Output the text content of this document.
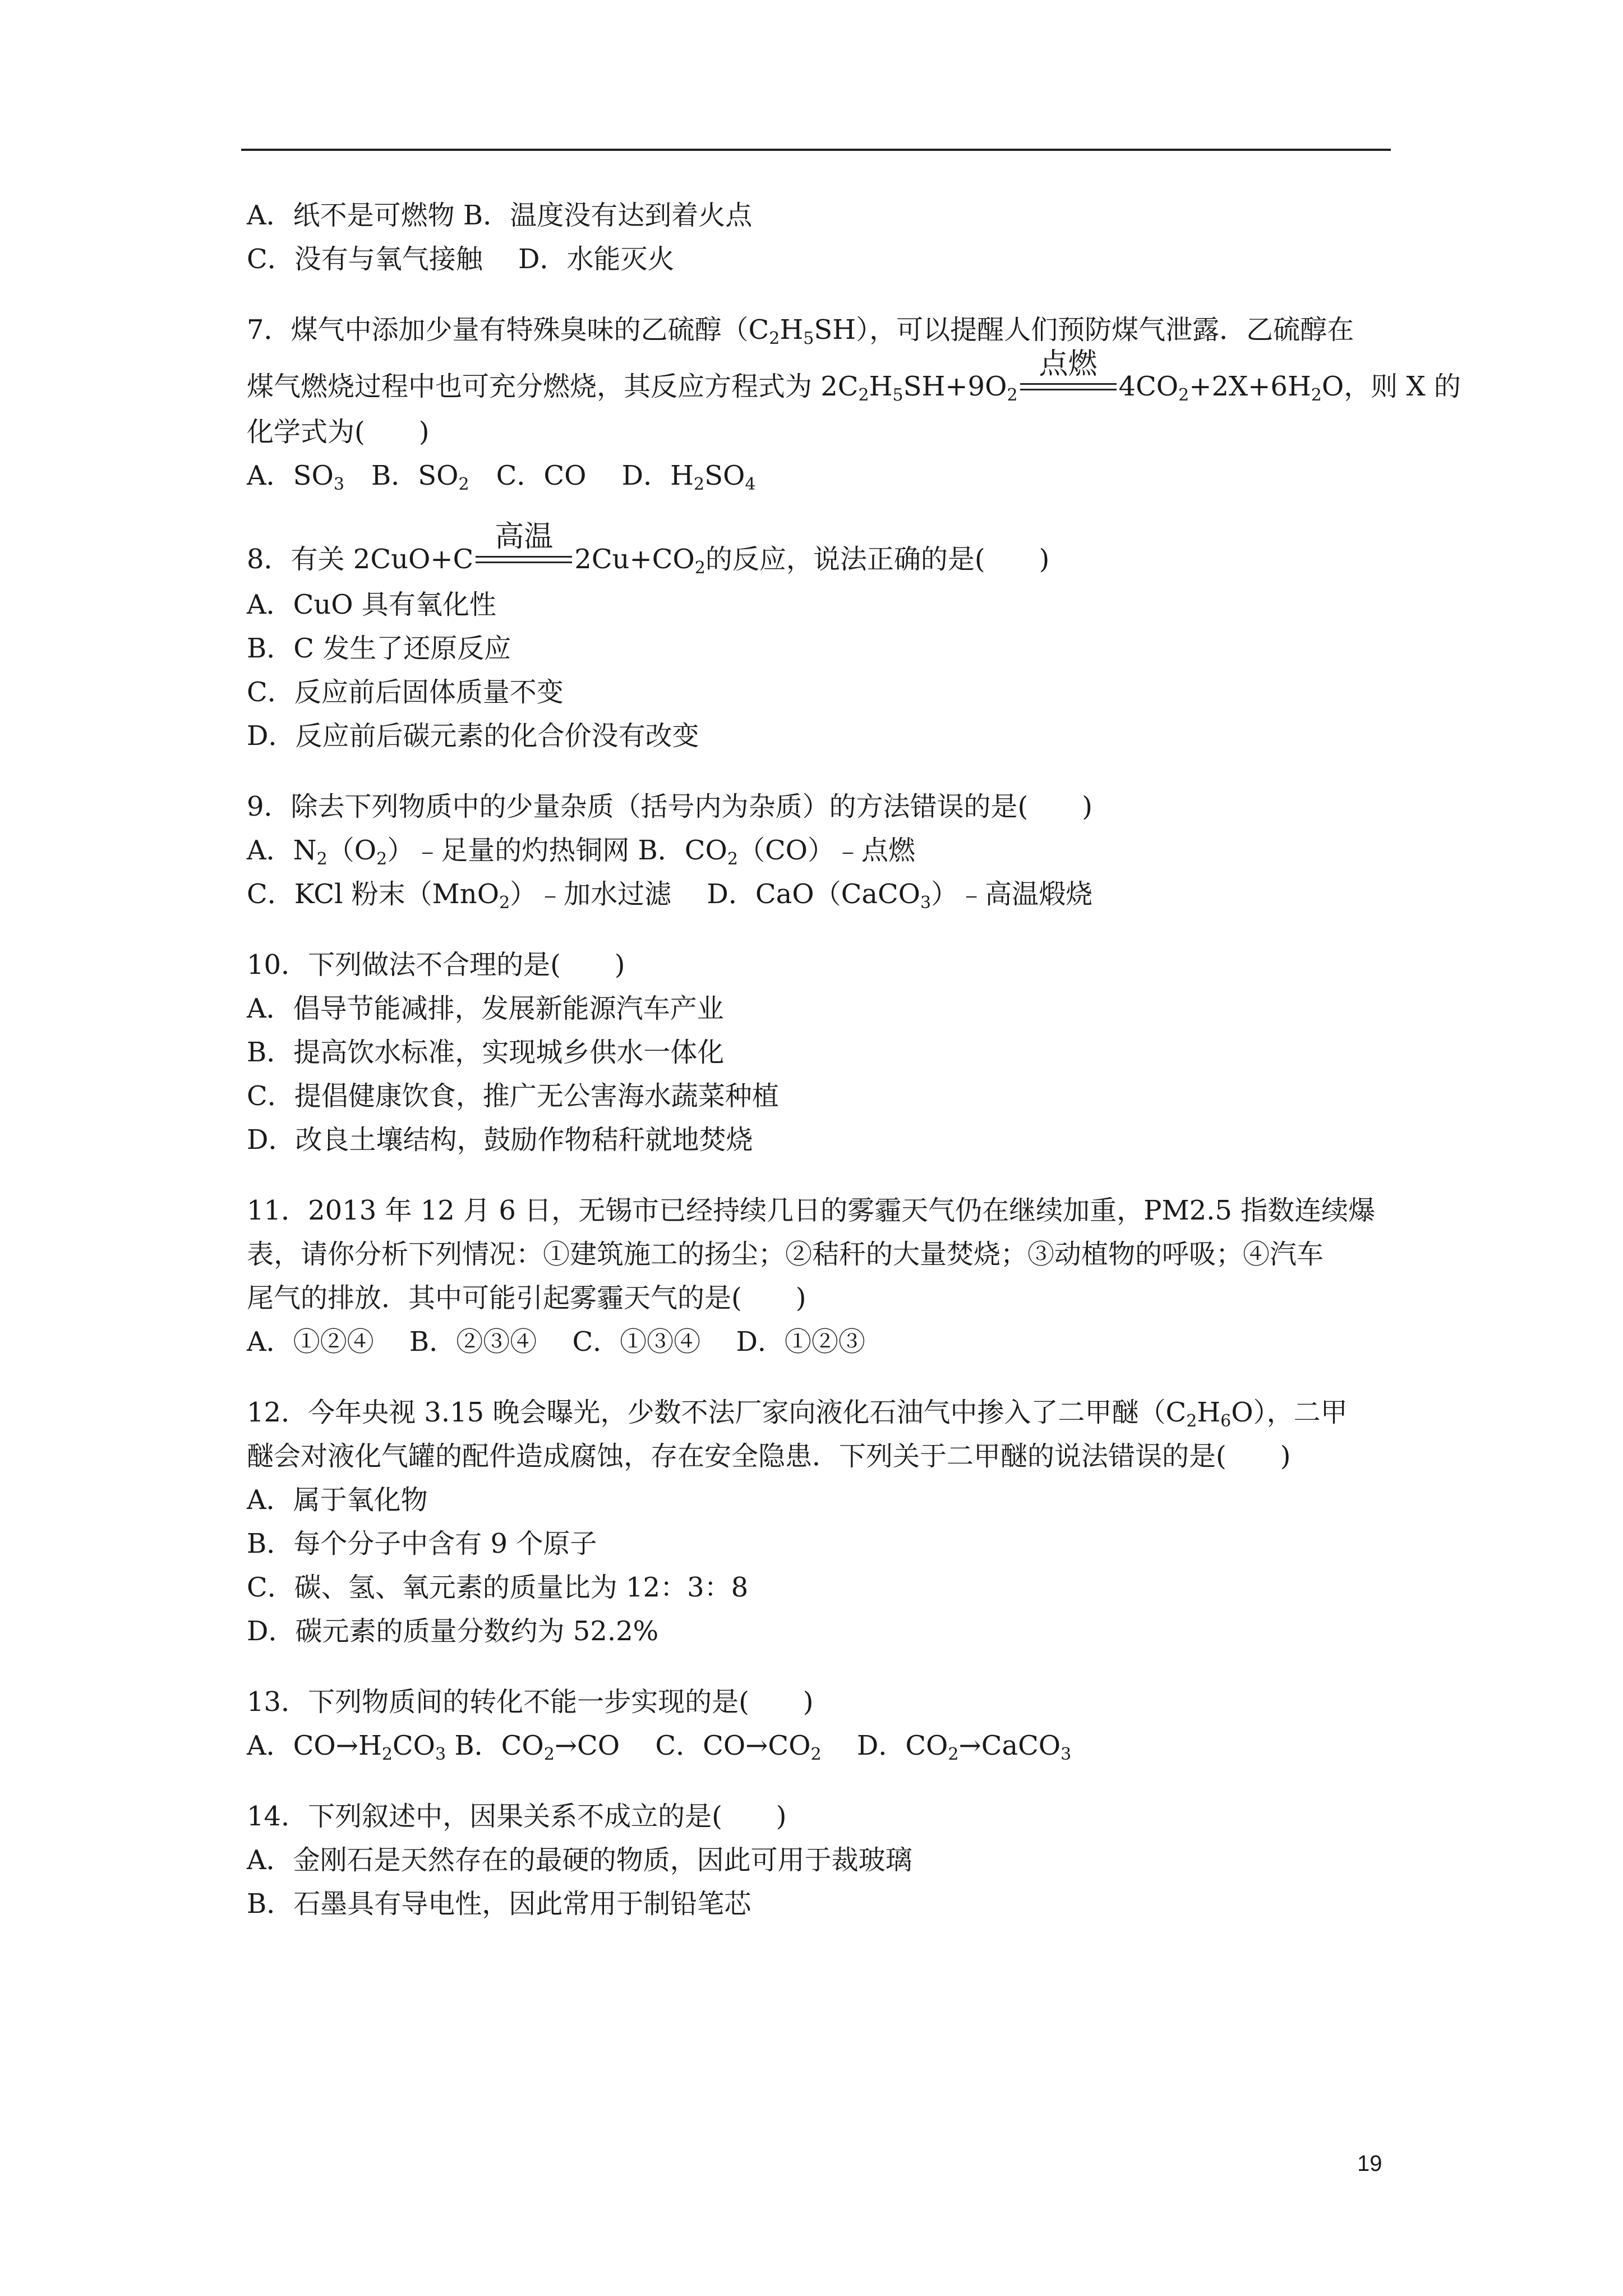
A．纸不是可燃物 B．温度没有达到着火点
C．没有与氧气接触　 D．水能灭火
7．煤气中添加少量有特殊臭味的乙硫醇$(C_2H_5SH)$，可以提醒人们预防煤气泄露．乙硫醇在
煤气燃烧过程中也可充分燃烧，其反应方程式为 $2C_2H_5SH+9O_2$
点燃
$4CO_2+2X+6H_2O$，则 X 的
化学式为(　　)
A．$SO_3$　B．$SO_2$　C．CO　 D．$H_2SO_4$
8．有关 2CuO+C
高温
$2Cu+CO_2$的反应，说法正确的是(　　)
A．CuO 具有氧化性
B．C 发生了还原反应
C．反应前后固体质量不变
D．反应前后碳元素的化合价没有改变
9．除去下列物质中的少量杂质（括号内为杂质）的方法错误的是(　　)
A．$N_2(O_2)﹣$足量的灼热铜网 B．$CO_2(CO)﹣$点燃
C．KCl 粉末（MnO$_2$）﹣加水过滤　 D．CaO（CaCO$_3$）﹣高温煅烧
10．下列做法不合理的是(　　)
A．倡导节能减排，发展新能源汽车产业
B．提高饮水标准，实现城乡供水一体化
C．提倡健康饮食，推广无公害海水蔬菜种植
D．改良土壤结构，鼓励作物秸秆就地焚烧
11．2013 年 12 月 6 日，无锡市已经持续几日的雾霾天气仍在继续加重，PM2.5 指数连续爆
表，请你分析下列情况：①建筑施工的扬尘；②秸秆的大量焚烧；③动植物的呼吸；④汽车
尾气的排放．其中可能引起雾霾天气的是(　　)
A．①②④　 B．②③④　 C．①③④　 D．①②③
12．今年央视 3.15 晚会曝光，少数不法厂家向液化石油气中掺入了二甲醚$(C_2H_6O)$，二甲
醚会对液化气罐的配件造成腐蚀，存在安全隐患．下列关于二甲醚的说法错误的是(　　)
A．属于氧化物
B．每个分子中含有 9 个原子
C．碳、氢、氧元素的质量比为 12：3：8
D．碳元素的质量分数约为 52.2%
13．下列物质间的转化不能一步实现的是(　　)
A．$CO\to H_2CO_3$ B．$CO_2\to CO$　 C．$CO\to CO_2$　 D．$CO_2\to CaCO_3$
14．下列叙述中，因果关系不成立的是(　　)
A．金刚石是天然存在的最硬的物质，因此可用于裁玻璃
B．石墨具有导电性，因此常用于制铅笔芯
19
